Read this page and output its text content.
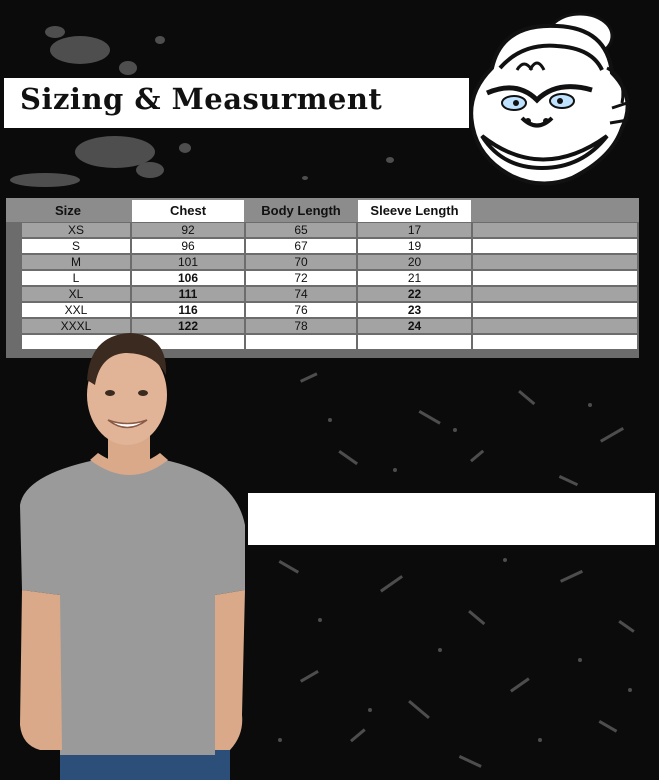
Sizing & Measurment
Size	Chest	Body Length	Sleeve Length
XS	92	65	17
S	96	67	19
M	101	70	20
L	106	72	21
XL	111	74	22
XXL	116	76	23
XXXL	122	78	24
